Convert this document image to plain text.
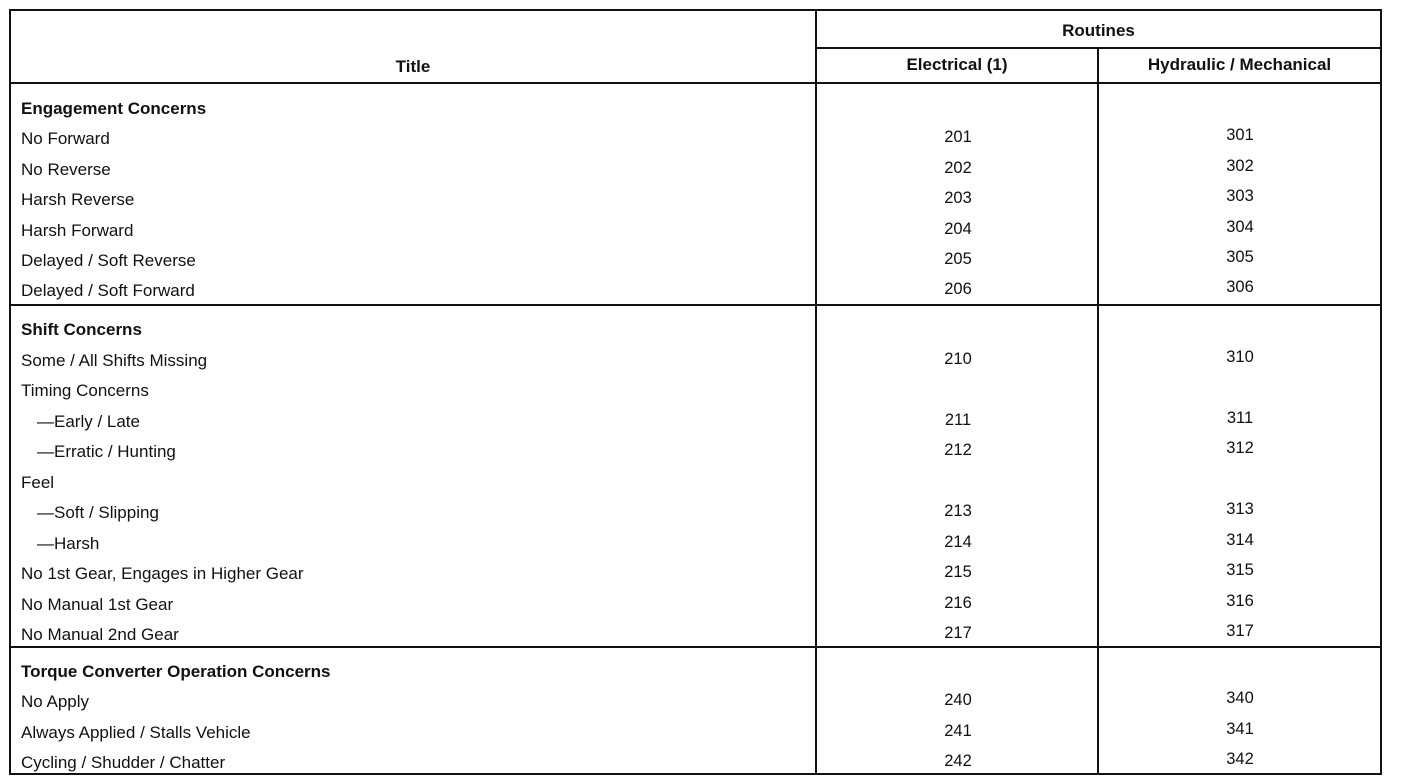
Title
Routines
Electrical (1)	Hydraulic / Mechanical
Engagement Concerns
No Forward	201	301
No Reverse	202	302
Harsh Reverse	203	303
Harsh Forward	204	304
Delayed / Soft Reverse	205	305
Delayed / Soft Forward	206	306
Shift Concerns
Some / All Shifts Missing	210	310
Timing Concerns
—Early / Late	211	311
—Erratic / Hunting	212	312
Feel
—Soft / Slipping	213	313
—Harsh	214	314
No 1st Gear, Engages in Higher Gear	215	315
No Manual 1st Gear	216	316
No Manual 2nd Gear	217	317
Torque Converter Operation Concerns
No Apply	240	340
Always Applied / Stalls Vehicle	241	341
Cycling / Shudder / Chatter	242	342
